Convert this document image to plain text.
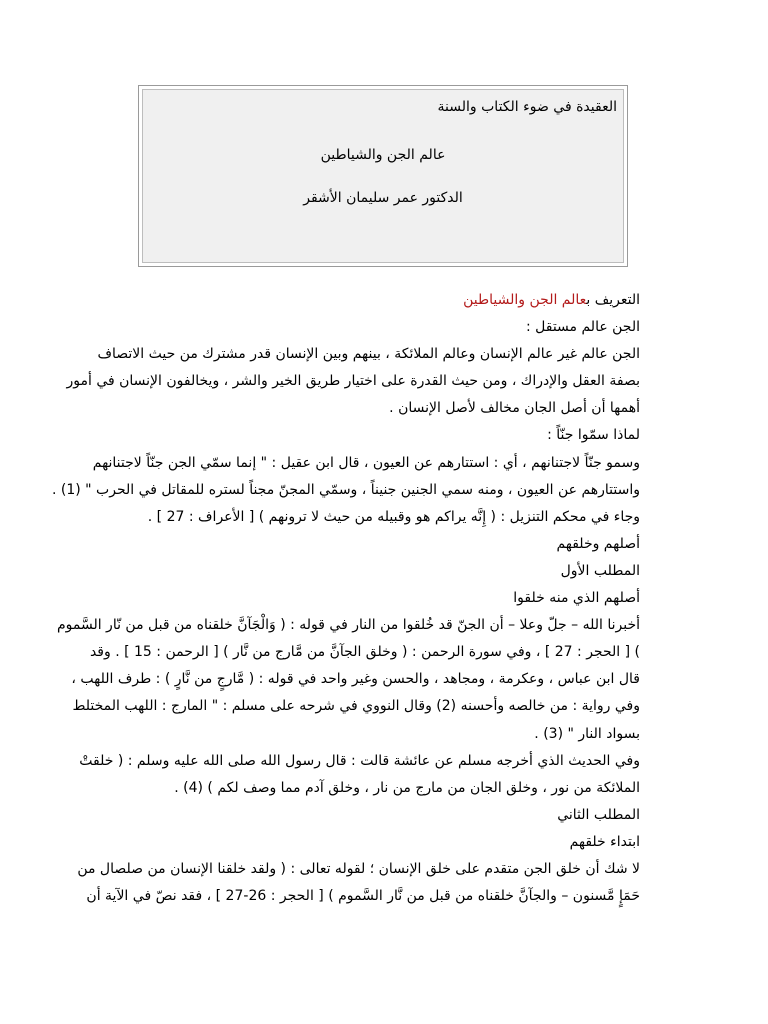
العقيدة في ضوء الكتاب والسنة
عالم الجن والشياطين
الدكتور عمر سليمان الأشقر

التعريف بعالم الجن والشياطين

الجن عالم مستقل :

الجن عالم غير عالم الإنسان وعالم الملائكة ، بينهم وبين الإنسان قدر مشترك من حيث الاتصاف

بصفة العقل والإدراك ، ومن حيث القدرة على اختيار طريق الخير والشر ، ويخالفون الإنسان في أمور

أهمها أن أصل الجان مخالف لأصل الإنسان .

لماذا سمّوا جنّاً :

وسمو جنّاً لاجتنانهم ، أي : استتارهم عن العيون ، قال ابن عقيل : " إنما سمّي الجن جنّاً لاجتنانهم

واستتارهم عن العيون ، ومنه سمي الجنين جنيناً ، وسمّي المجنّ مجناً لستره للمقاتل في الحرب " (1) .

وجاء في محكم التنزيل : ( إِنَّه يراكم هو وقبيله من حيث لا ترونهم ) [ الأعراف : 27 ] .

أصلهم وخلقهم

المطلب الأول

أصلهم الذي منه خلقوا

أخبرنا الله – جلّ وعلا – أن الجنّ قد خُلقوا من النار في قوله : ( وَالْجَآنَّ خلقناه من قبل من نّار السَّموم

) [ الحجر : 27 ] ، وفي سورة الرحمن : ( وخلق الجآنَّ من مَّارج من نَّار ) [ الرحمن : 15 ] . وقد

قال ابن عباس ، وعكرمة ، ومجاهد ، والحسن وغير واحد في قوله : ( مَّارجٍ من نَّارٍ ) : طرف اللهب ،

وفي رواية : من خالصه وأحسنه (2) وقال النووي في شرحه على مسلم : " المارج : اللهب المختلط

بسواد النار " (3) .

وفي الحديث الذي أخرجه مسلم عن عائشة قالت : قال رسول الله صلى الله عليه وسلم : ( خلقتْ

الملائكة من نور ، وخلق الجان من مارج من نار ، وخلق آدم مما وصف لكم ) (4) .

المطلب الثاني

ابتداء خلقهم

لا شك أن خلق الجن متقدم على خلق الإنسان ؛ لقوله تعالى : ( ولقد خلقنا الإنسان من صلصال من

حَمَإٍ مَّسنون – والجآنَّ خلقناه من قبل من نَّار السَّموم ) [ الحجر : 26-27 ] ، فقد نصّ في الآية أن
